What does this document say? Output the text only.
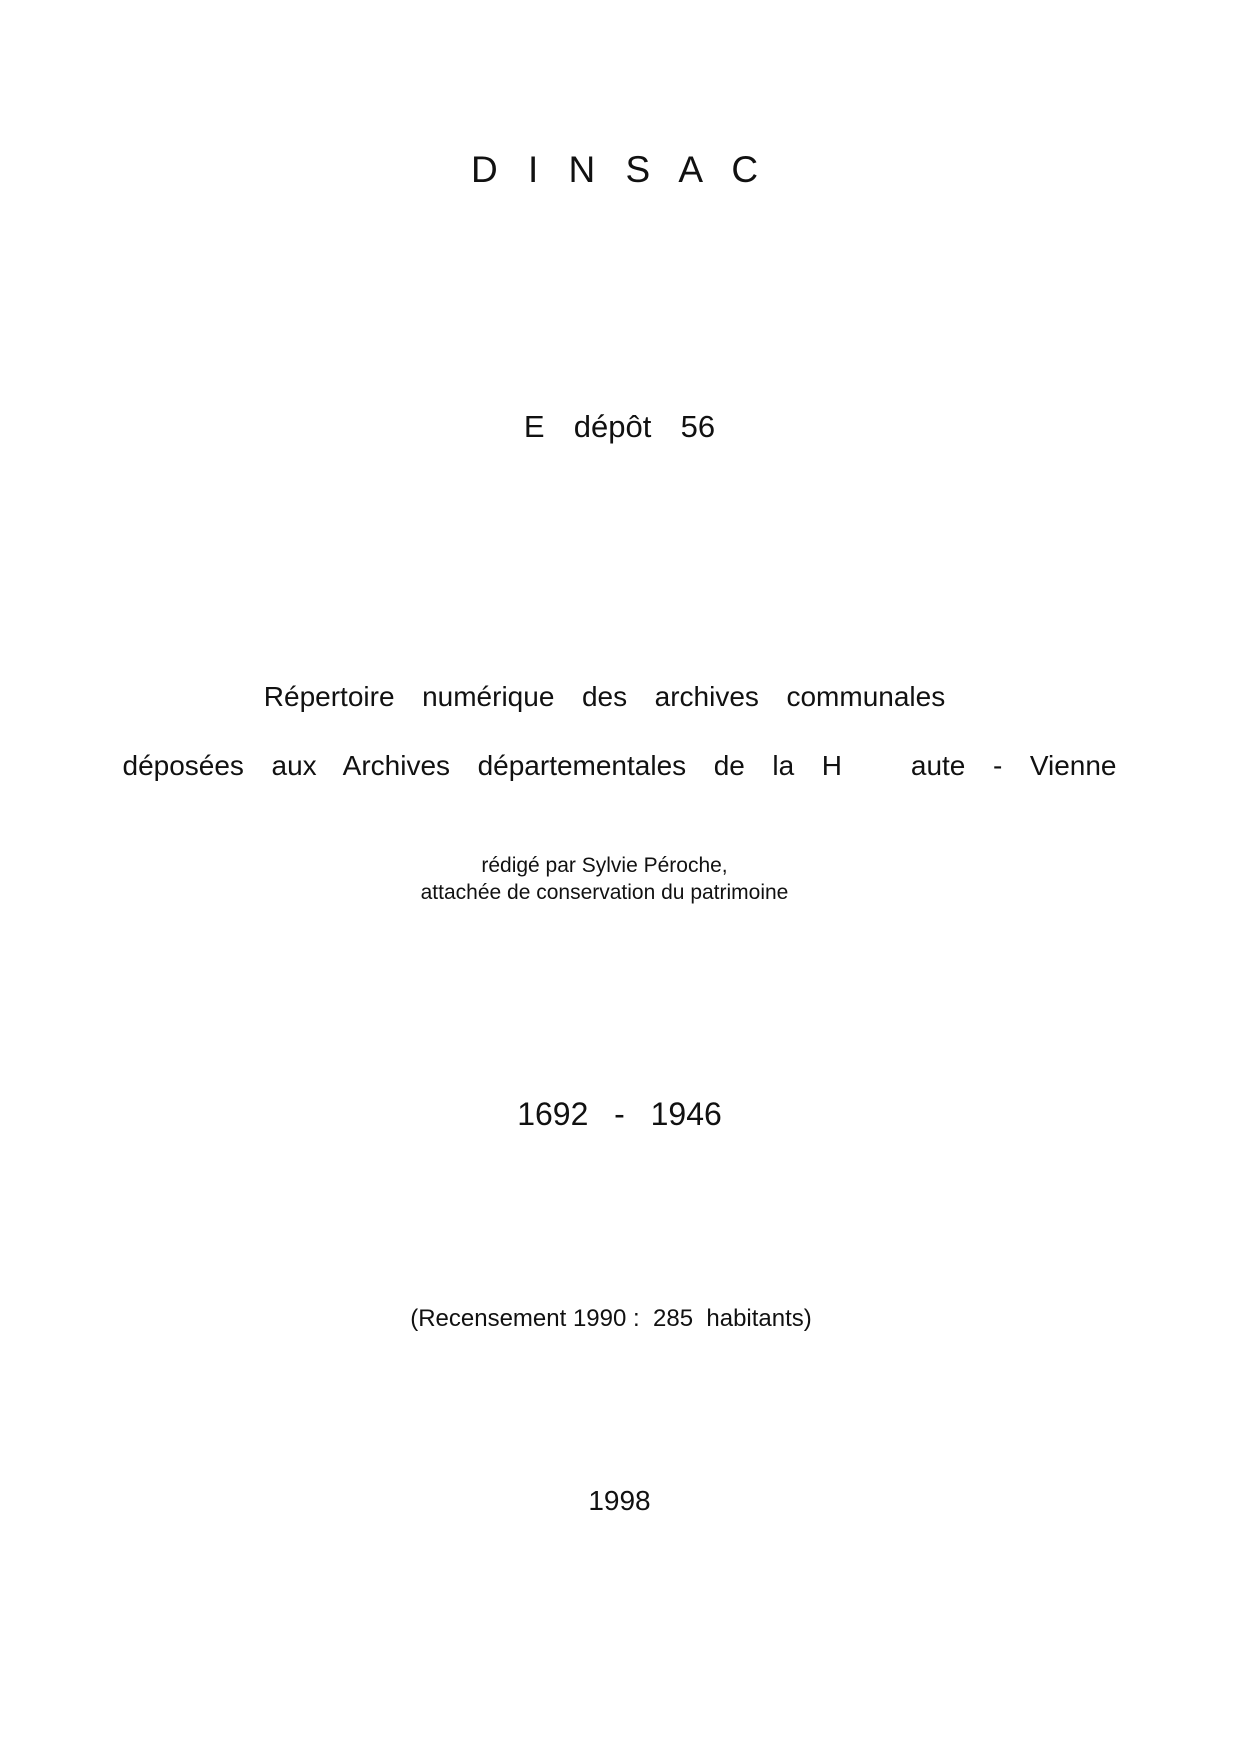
D I N S A C
E  dépôt  56
Répertoire  numérique  des  archives  communales
déposées  aux  Archives  départementales  de  la  H     aute  -  Vienne
rédigé par Sylvie Péroche,
attachée de conservation du patrimoine
1692  -  1946
(Recensement 1990 :  285  habitants)
1998
